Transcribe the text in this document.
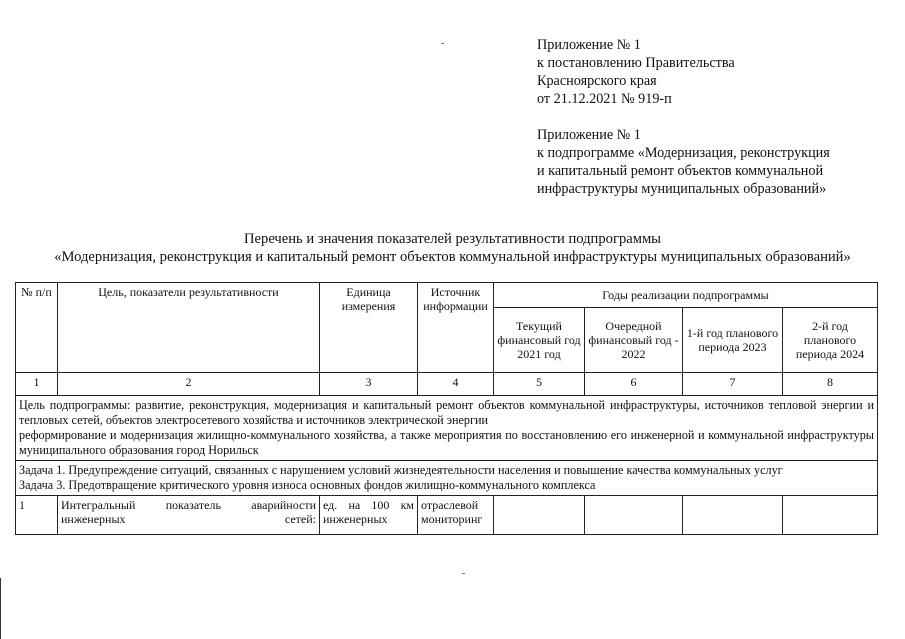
Приложение № 1
к постановлению Правительства
Красноярского края
от 21.12.2021 № 919-п
Приложение № 1
к подпрограмме «Модернизация, реконструкция
и капитальный ремонт объектов коммунальной
инфраструктуры муниципальных образований»
Перечень и значения показателей результативности подпрограммы
«Модернизация, реконструкция и капитальный ремонт объектов коммунальной инфраструктуры муниципальных образований»
№ п/п	Цель, показатели результативности	Единица измерения	Источник информации	Годы реализации подпрограммы			
				Текущий финансовый год 2021 год	Очередной финансовый год - 2022	1-й год планового периода 2023	2-й год планового периода 2024
1	2	3	4	5	6	7	8

Цель подпрограммы: развитие, реконструкция, модернизация и капитальный ремонт объектов коммунальной инфраструктуры, источников тепловой энергии и тепловых сетей, объектов электросетевого хозяйства и источников электрической энергии
реформирование и модернизация жилищно-коммунального хозяйства, а также мероприятия по восстановлению его инженерной и коммунальной инфраструктуры муниципального образования город Норильск							

Задача 1. Предупреждение ситуаций, связанных с нарушением условий жизнедеятельности населения и повышение качества коммунальных услуг
Задача 3. Предотвращение критического уровня износа основных фондов жилищно-коммунального комплекса							

1	Интегральный показатель аварийности инженерных сетей:	ед. на 100 км инженерных	отраслевой мониторинг				
